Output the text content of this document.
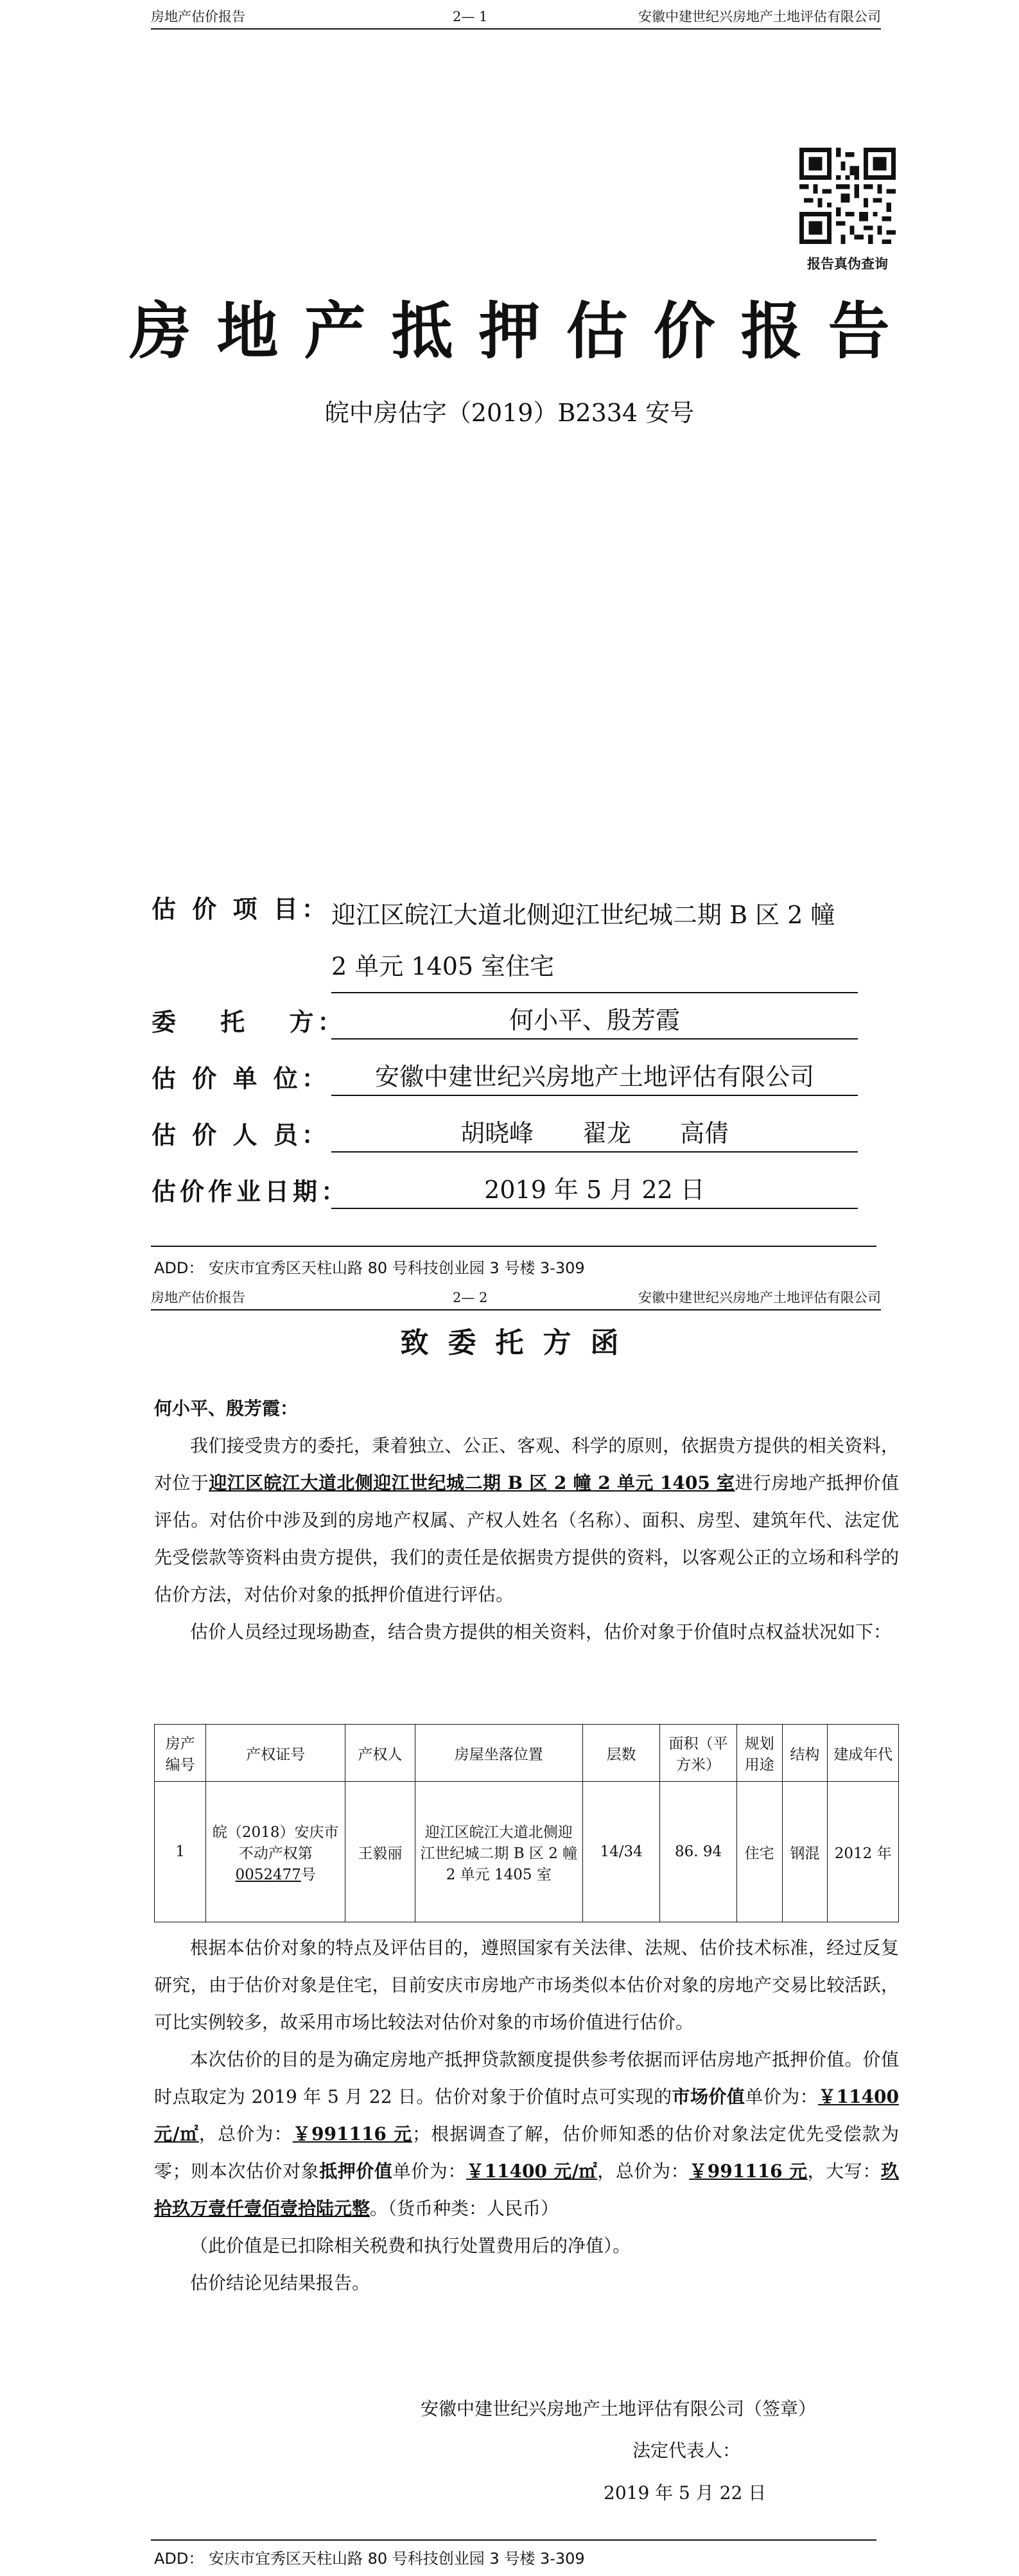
房地产估价报告	2— 1	安徽中建世纪兴房地产土地评估有限公司
报告真伪查询
房地产抵押估价报告
皖中房估字（2019）B2334 安号
估 价 项 目： 迎江区皖江大道北侧迎江世纪城二期 B 区 2 幢 2 单元 1405 室住宅
委　 托　 方：	何小平、殷芳霞
估 价 单 位：	安徽中建世纪兴房地产土地评估有限公司
估 价 人 员：	胡晓峰　　翟龙　　高倩
估价作业日期：	2019 年 5 月 22 日
ADD： 安庆市宜秀区天柱山路 80 号科技创业园 3 号楼 3-309
房地产估价报告	2— 2	安徽中建世纪兴房地产土地评估有限公司
致委托方函

何小平、殷芳霞：

我们接受贵方的委托，秉着独立、公正、客观、科学的原则，依据贵方提供的相关资料，对位于迎江区皖江大道北侧迎江世纪城二期 B 区 2 幢 2 单元 1405 室进行房地产抵押价值评估。对估价中涉及到的房地产权属、产权人姓名（名称）、面积、房型、建筑年代、法定优先受偿款等资料由贵方提供，我们的责任是依据贵方提供的资料，以客观公正的立场和科学的估价方法，对估价对象的抵押价值进行评估。

估价人员经过现场勘查，结合贵方提供的相关资料，估价对象于价值时点权益状况如下：

房产编号	产权证号	产权人	房屋坐落位置	层数	面积（平方米）	规划用途	结构	建成年代
1	皖（2018）安庆市不动产权第0052477号	王毅丽	迎江区皖江大道北侧迎江世纪城二期 B 区 2 幢 2 单元 1405 室	14/34	86. 94	住宅	钢混	2012 年

根据本估价对象的特点及评估目的，遵照国家有关法律、法规、估价技术标准，经过反复研究，由于估价对象是住宅，目前安庆市房地产市场类似本估价对象的房地产交易比较活跃，可比实例较多，故采用市场比较法对估价对象的市场价值进行估价。

本次估价的目的是为确定房地产抵押贷款额度提供参考依据而评估房地产抵押价值。价值时点取定为 2019 年 5 月 22 日。估价对象于价值时点可实现的市场价值单价为：￥11400 元/㎡，总价为：￥991116 元；根据调查了解，估价师知悉的估价对象法定优先受偿款为零；则本次估价对象抵押价值单价为：￥11400 元/㎡，总价为：￥991116 元，大写：玖拾玖万壹仟壹佰壹拾陆元整。（货币种类：人民币）

（此价值是已扣除相关税费和执行处置费用后的净值）。

估价结论见结果报告。

安徽中建世纪兴房地产土地评估有限公司（签章）
法定代表人：
2019 年 5 月 22 日
ADD： 安庆市宜秀区天柱山路 80 号科技创业园 3 号楼 3-309
